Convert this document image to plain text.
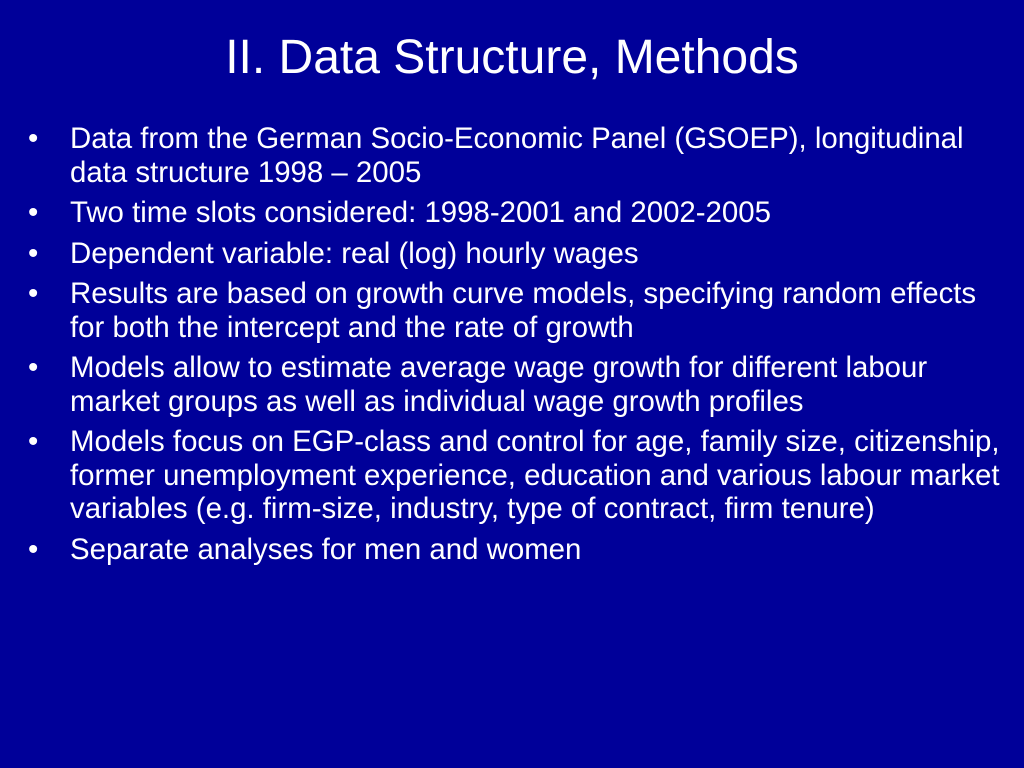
II. Data Structure, Methods
•	Data from the German Socio-Economic Panel (GSOEP), longitudinal data structure 1998 – 2005
•	Two time slots considered: 1998-2001 and 2002-2005
•	Dependent variable: real (log) hourly wages
•	Results are based on growth curve models, specifying random effects for both the intercept and the rate of growth
•	Models allow to estimate average wage growth for different labour market groups as well as individual wage growth profiles
•	Models focus on EGP-class and control for age, family size, citizenship, former unemployment experience, education and various labour market variables (e.g. firm-size, industry, type of contract, firm tenure)
•	Separate analyses for men and women
